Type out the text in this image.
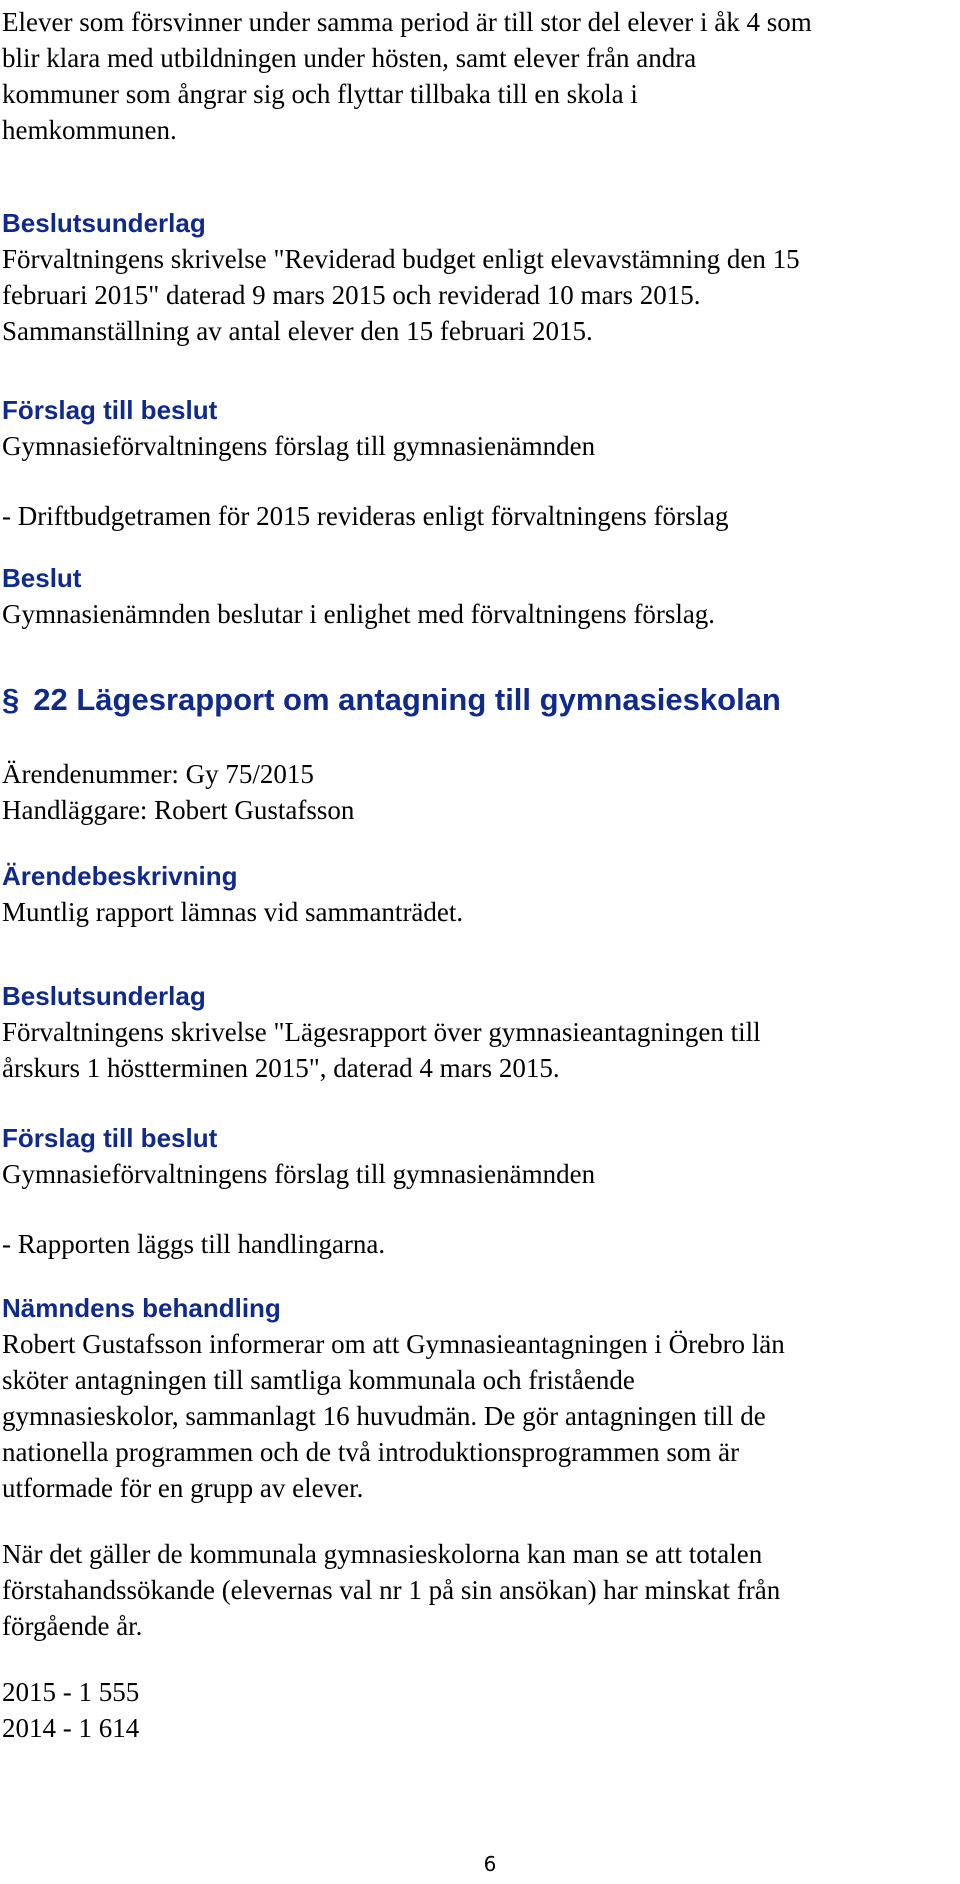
Elever som försvinner under samma period är till stor del elever i åk 4 som

blir klara med utbildningen under hösten, samt elever från andra

kommuner som ångrar sig och flyttar tillbaka till en skola i

hemkommunen.

Beslutsunderlag

Förvaltningens skrivelse "Reviderad budget enligt elevavstämning den 15

februari 2015" daterad 9 mars 2015 och reviderad 10 mars 2015.

Sammanställning av antal elever den 15 februari 2015.

Förslag till beslut

Gymnasieförvaltningens förslag till gymnasienämnden

- Driftbudgetramen för 2015 revideras enligt förvaltningens förslag

Beslut

Gymnasienämnden beslutar i enlighet med förvaltningens förslag.

§ 22 Lägesrapport om antagning till gymnasieskolan

Ärendenummer: Gy 75/2015

Handläggare: Robert Gustafsson

Ärendebeskrivning

Muntlig rapport lämnas vid sammanträdet.

Beslutsunderlag

Förvaltningens skrivelse "Lägesrapport över gymnasieantagningen till

årskurs 1 höstterminen 2015", daterad 4 mars 2015.

Förslag till beslut

Gymnasieförvaltningens förslag till gymnasienämnden

- Rapporten läggs till handlingarna.

Nämndens behandling

Robert Gustafsson informerar om att Gymnasieantagningen i Örebro län

sköter antagningen till samtliga kommunala och fristående

gymnasieskolor, sammanlagt 16 huvudmän. De gör antagningen till de

nationella programmen och de två introduktionsprogrammen som är

utformade för en grupp av elever.

När det gäller de kommunala gymnasieskolorna kan man se att totalen

förstahandssökande (elevernas val nr 1 på sin ansökan) har minskat från

förgående år.

2015 - 1 555

2014 - 1 614

6
